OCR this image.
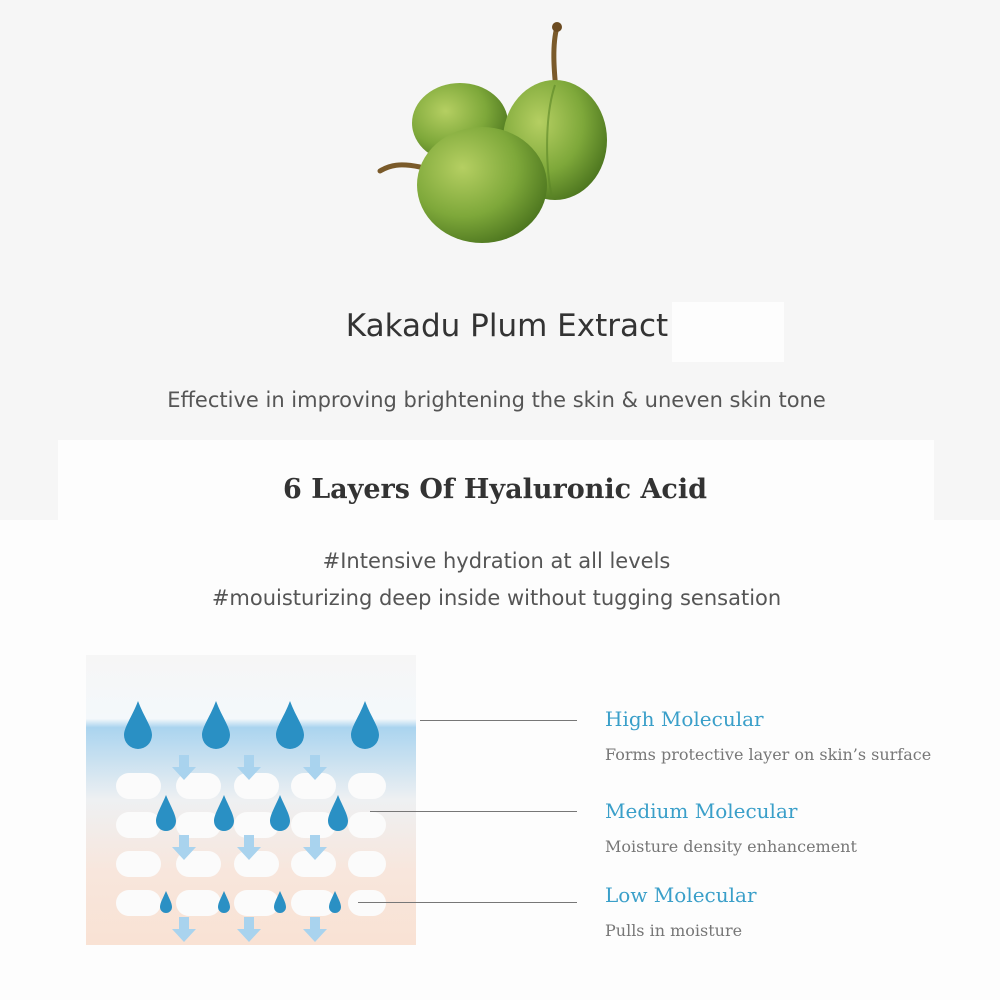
Kakadu Plum Extract
Effective in improving brightening the skin & uneven skin tone
6 Layers Of Hyaluronic Acid
#Intensive hydration at all levels
#mouisturizing deep inside without tugging sensation
High Molecular
Forms protective layer on skin’s surface
Medium Molecular
Moisture density enhancement
Low Molecular
Pulls in moisture
